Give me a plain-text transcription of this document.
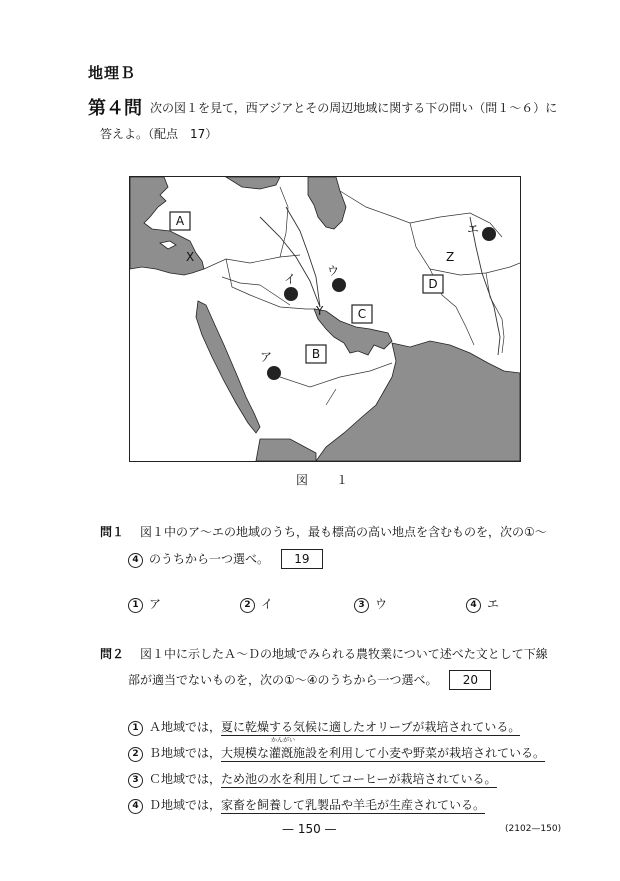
地理Ｂ
第４問 次の図１を見て，西アジアとその周辺地域に関する下の問い（問１～６）に
答えよ。（配点　17）
A
B
C
D
ア
イ
ウ
エ
X
Y
Z
図　１
問１ 図１中のア～エの地域のうち，最も標高の高い地点を含むものを，次の①～
4 のうちから一つ選べ。 19
1 ア	2 イ	3 ウ	4 エ
問２ 図１中に示したＡ～Ｄの地域でみられる農牧業について述べた文として下線
部が適当でないものを，次の①～④のうちから一つ選べ。 20
1 Ａ地域では，夏に乾燥する気候に適したオリーブが栽培されている。
2 Ｂ地域では，大規模な
かんがい
灌漑施設を利用して小麦や野菜が栽培されている。
3 Ｃ地域では，ため池の水を利用してコーヒーが栽培されている。
4 Ｄ地域では，家畜を飼養して乳製品や羊毛が生産されている。
— 150 —	(2102—150)
